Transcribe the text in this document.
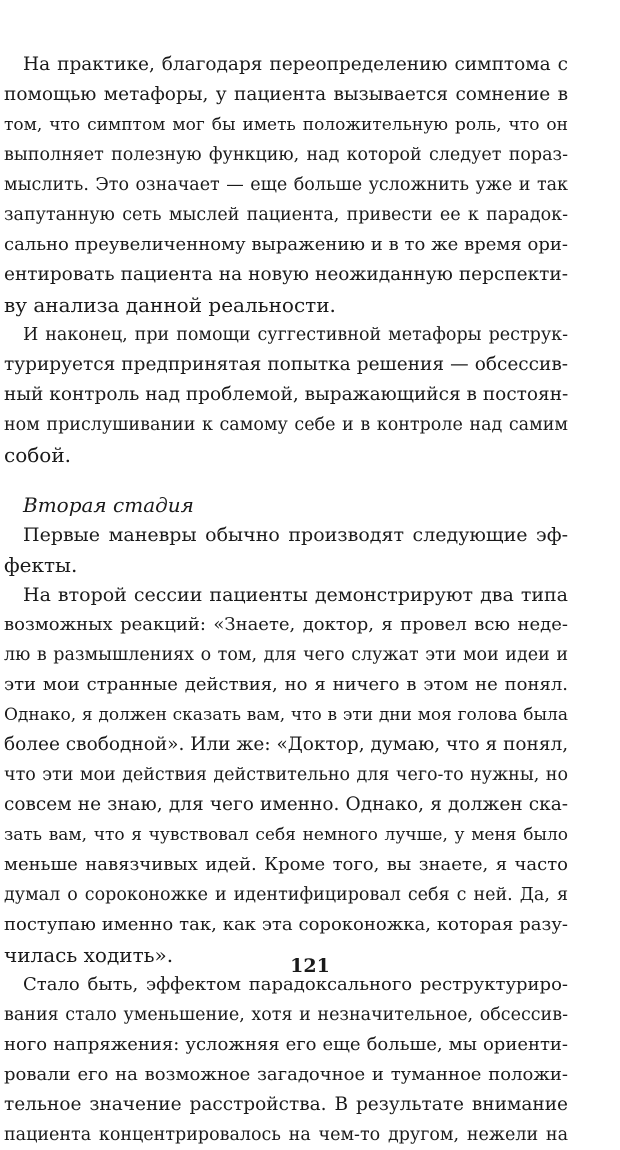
На практике, благодаря переопределению симптома с
помощью метафоры, у пациента вызывается сомнение в
том, что симптом мог бы иметь положительную роль, что он
выполняет полезную функцию, над которой следует пораз-
мыслить. Это означает — еще больше усложнить уже и так
запутанную сеть мыслей пациента, привести ее к парадок-
сально преувеличенному выражению и в то же время ори-
ентировать пациента на новую неожиданную перспекти-
ву анализа данной реальности.
И наконец, при помощи суггестивной метафоры реструк-
турируется предпринятая попытка решения — обсессив-
ный контроль над проблемой, выражающийся в постоян-
ном прислушивании к самому себе и в контроле над самим
собой.
Вторая стадия
Первые маневры обычно производят следующие эф-
фекты.
На второй сессии пациенты демонстрируют два типа
возможных реакций: «Знаете, доктор, я провел всю неде-
лю в размышлениях о том, для чего служат эти мои идеи и
эти мои странные действия, но я ничего в этом не понял.
Однако, я должен сказать вам, что в эти дни моя голова была
более свободной». Или же: «Доктор, думаю, что я понял,
что эти мои действия действительно для чего-то нужны, но
совсем не знаю, для чего именно. Однако, я должен ска-
зать вам, что я чувствовал себя немного лучше, у меня было
меньше навязчивых идей. Кроме того, вы знаете, я часто
думал о сороконожке и идентифицировал себя с ней. Да, я
поступаю именно так, как эта сороконожка, которая разу-
чилась ходить».
Стало быть, эффектом парадоксального реструктуриро-
вания стало уменьшение, хотя и незначительное, обсессив-
ного напряжения: усложняя его еще больше, мы ориенти-
ровали его на возможное загадочное и туманное положи-
тельное значение расстройства. В результате внимание
пациента концентрировалось на чем-то другом, нежели на
121
